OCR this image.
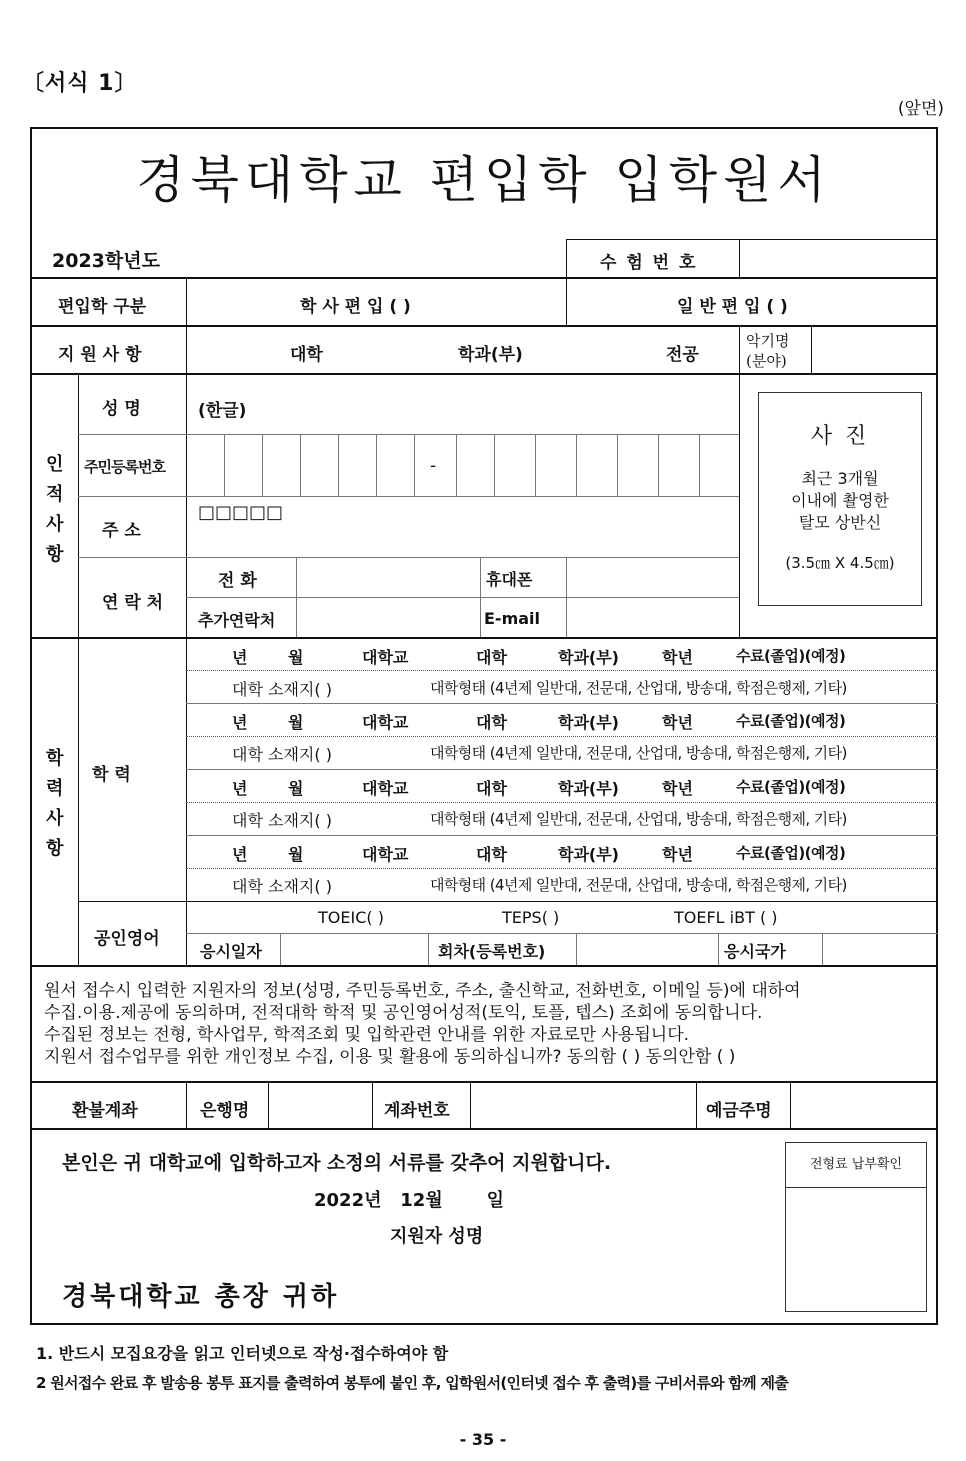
〔서식 1〕
(앞면)
경북대학교 편입학 입학원서
2023학년도	수 험 번 호
편입학 구분	학 사 편 입 ( )	일 반 편 입 ( )
지 원 사 항	대학	학과(부)	전공
악기명
(분야)
인
적
사
항
성 명	(한글)
주민등록번호	-
주 소
□□□□□
연 락 처
전 화	휴대폰
추가연락처	E-mail
사 진
최근 3개월
이내에 촬영한
탈모 상반신
(3.5㎝ X 4.5㎝)
학
력
사
항
학 력
년	월	대학교	대학	학과(부)	학년	수료(졸업)(예정)
대학 소재지( )	대학형태 (4년제 일반대, 전문대, 산업대, 방송대, 학점은행제, 기타)
년	월	대학교	대학	학과(부)	학년	수료(졸업)(예정)
대학 소재지( )	대학형태 (4년제 일반대, 전문대, 산업대, 방송대, 학점은행제, 기타)
년	월	대학교	대학	학과(부)	학년	수료(졸업)(예정)
대학 소재지( )	대학형태 (4년제 일반대, 전문대, 산업대, 방송대, 학점은행제, 기타)
년	월	대학교	대학	학과(부)	학년	수료(졸업)(예정)
대학 소재지( )	대학형태 (4년제 일반대, 전문대, 산업대, 방송대, 학점은행제, 기타)
공인영어
TOEIC( )	TEPS( )	TOEFL iBT ( )
응시일자	회차(등록번호)	응시국가
원서 접수시 입력한 지원자의 정보(성명, 주민등록번호, 주소, 출신학교, 전화번호, 이메일 등)에 대하여
수집.이용.제공에 동의하며, 전적대학 학적 및 공인영어성적(토익, 토플, 텝스) 조회에 동의합니다.
수집된 정보는 전형, 학사업무, 학적조회 및 입학관련 안내를 위한 자료로만 사용됩니다.
지원서 접수업무를 위한 개인정보 수집, 이용 및 활용에 동의하십니까? 동의함 ( ) 동의안함 ( )
환불계좌	은행명	계좌번호	예금주명
본인은 귀 대학교에 입학하고자 소정의 서류를 갖추어 지원합니다.
2022년   12월       일
지원자 성명
경북대학교 총장 귀하
전형료 납부확인
1. 반드시 모집요강을 읽고 인터넷으로 작성·접수하여야 함
2 원서접수 완료 후 발송용 봉투 표지를 출력하여 봉투에 붙인 후, 입학원서(인터넷 접수 후 출력)를 구비서류와 함께 제출
- 35 -
